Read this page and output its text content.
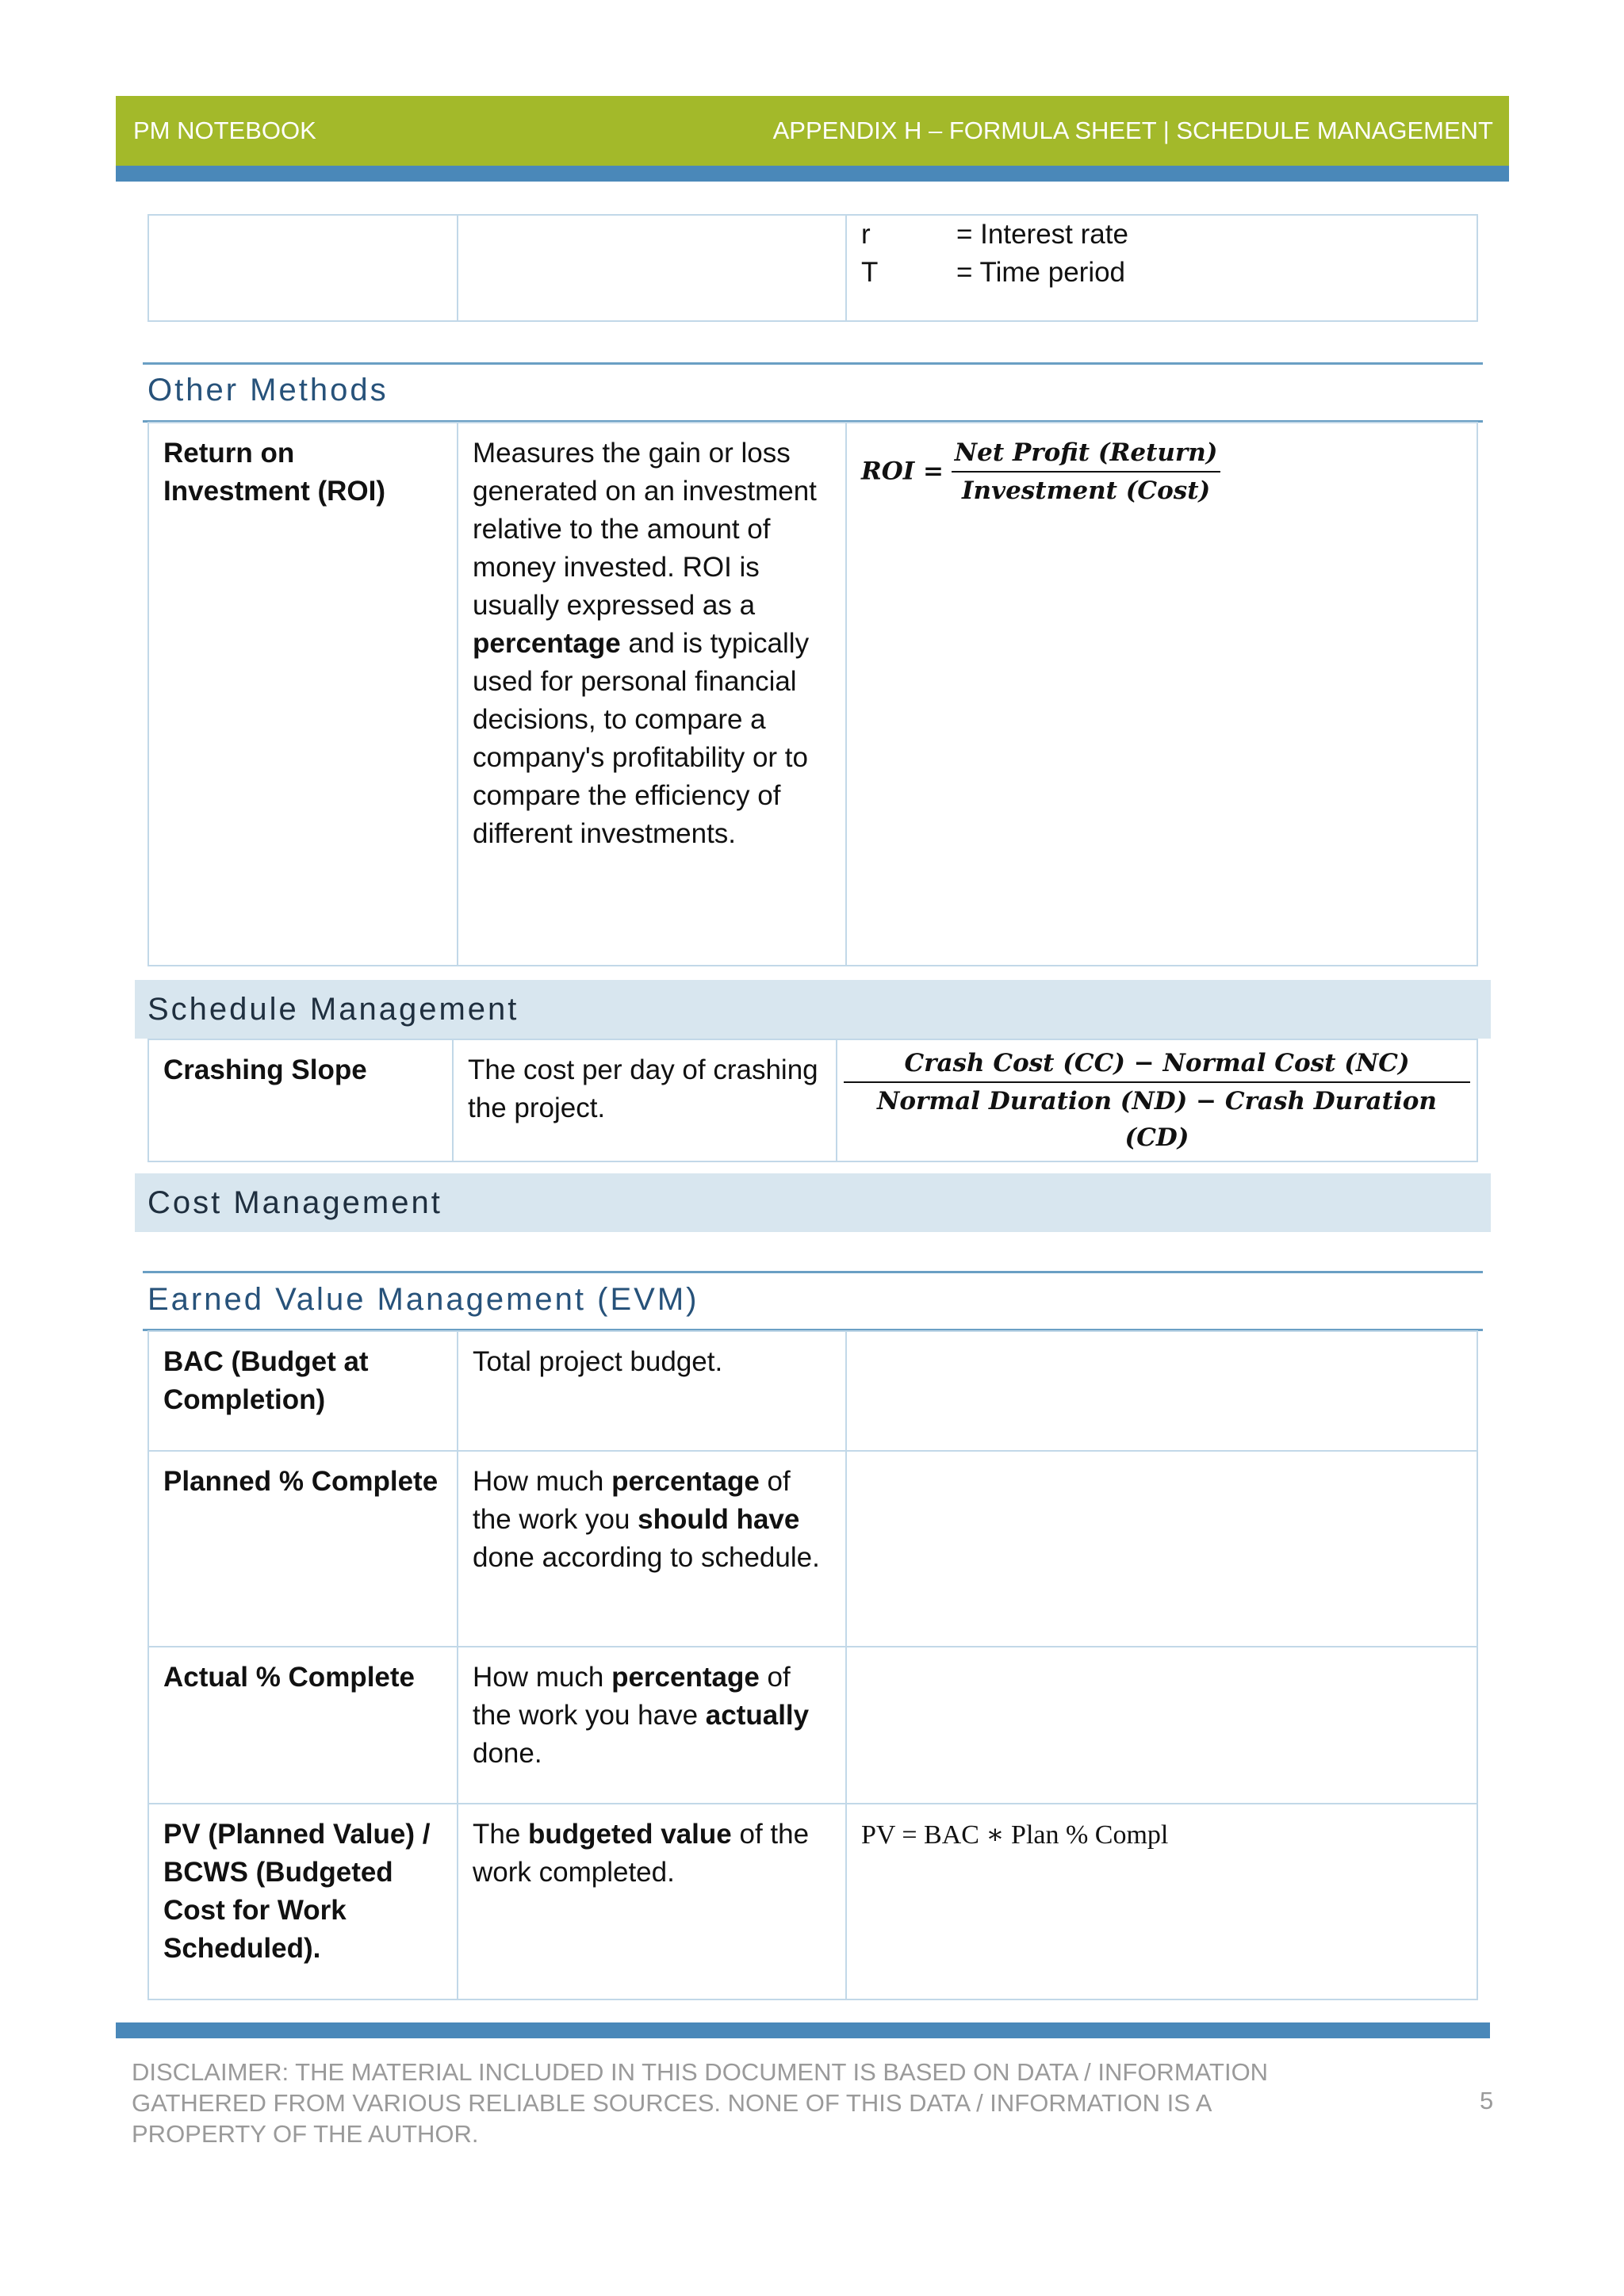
PM NOTEBOOK	APPENDIX H – FORMULA SHEET | SCHEDULE MANAGEMENT

r	= Interest rate
T	= Time period
Other Methods
Return on Investment (ROI)	Measures the gain or loss generated on an investment relative to the amount of money invested. ROI is usually expressed as a percentage and is typically used for personal financial decisions, to compare a company's profitability or to compare the efficiency of different investments.	ROI = $\frac{\text{Net Profit (Return)}}{\text{Investment (Cost)}}$
Schedule Management
Crashing Slope	The cost per day of crashing the project.	$\frac{\text{Crash Cost (CC) − Normal Cost (NC)}}{\text{Normal Duration (ND) − Crash Duration (CD)}}$
Cost Management
Earned Value Management (EVM)
BAC (Budget at Completion)	Total project budget.	
Planned % Complete	How much percentage of the work you should have done according to schedule.	
Actual % Complete	How much percentage of the work you have actually done.	
PV (Planned Value) / BCWS (Budgeted Cost for Work Scheduled).	The budgeted value of the work completed.	PV = BAC ∗ Plan % Compl
DISCLAIMER: THE MATERIAL INCLUDED IN THIS DOCUMENT IS BASED ON DATA / INFORMATION GATHERED FROM VARIOUS RELIABLE SOURCES. NONE OF THIS DATA / INFORMATION IS A PROPERTY OF THE AUTHOR.
5
